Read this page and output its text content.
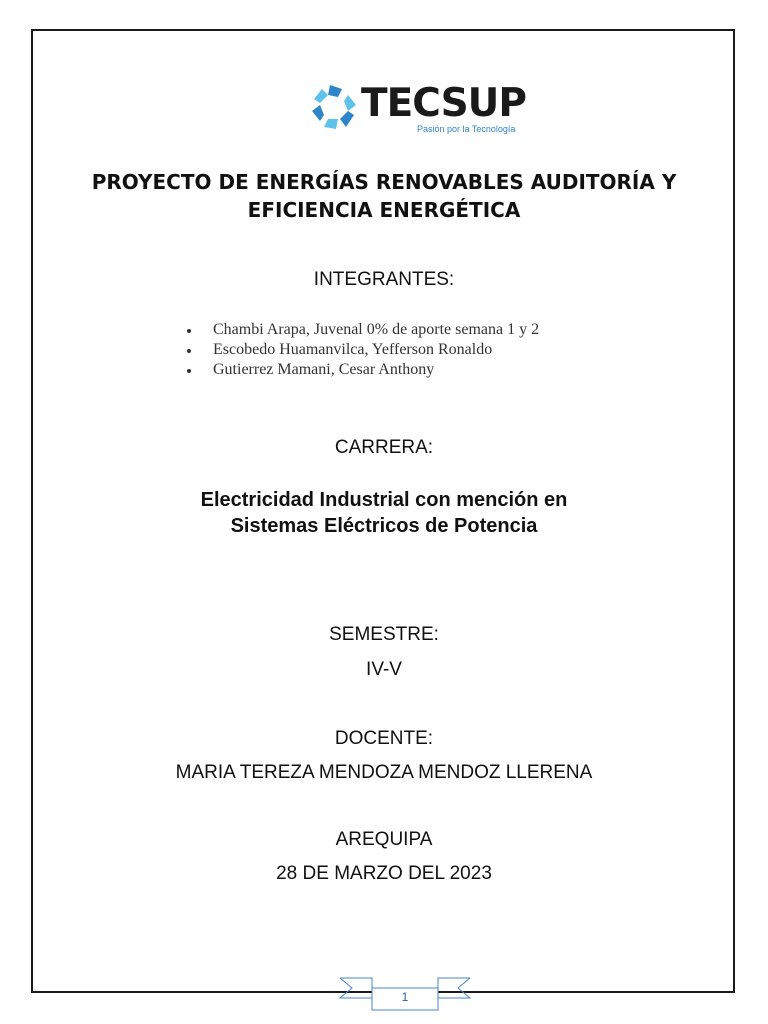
TECSUP
Pasión por la Tecnología
PROYECTO DE ENERGÍAS RENOVABLES AUDITORÍA Y
EFICIENCIA ENERGÉTICA
INTEGRANTES:
Chambi Arapa, Juvenal 0% de aporte semana 1 y 2
Escobedo Huamanvilca, Yefferson Ronaldo
Gutierrez Mamani, Cesar Anthony
CARRERA:
Electricidad Industrial con mención en
Sistemas Eléctricos de Potencia
SEMESTRE:
IV-V
DOCENTE:
MARIA TEREZA MENDOZA MENDOZ LLERENA
AREQUIPA
28 DE MARZO DEL 2023
1
